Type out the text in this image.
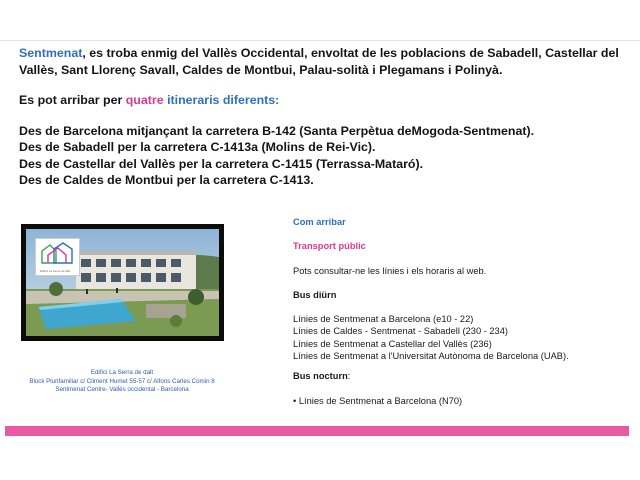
Sentmenat, es troba enmig del Vallès Occidental, envoltat de les poblacions de Sabadell, Castellar del Vallès, Sant Llorenç Savall, Caldes de Montbui, Palau-solità i Plegamans i Polinyà.

Es pot arribar per quatre itineraris diferents:

Des de Barcelona mitjançant la carretera B-142 (Santa Perpètua deMogoda-Sentmenat).

Des de Sabadell per la carretera C-1413a (Molins de Rei-Vic).

Des de Castellar del Vallès per la carretera C-1415 (Terrassa-Mataró).

Des de Caldes de Montbui per la carretera C-1413.

Edifici La Serra de dalt
Edifici La Serra de dalt
Block Plurifamiliar c/ Climent Humet 55-57 c/ Alfons Carles Comin 8
Sentmenat Centre- Vallès occidental - Barcelona
Com arribar
Transport públic
Pots consultar-ne les línies i els horaris al web.
Bus diürn
Línies de Sentmenat a Barcelona (e10 - 22)
Línies de Caldes - Sentmenat - Sabadell (230 - 234)
Línies de Sentmenat a Castellar del Vallès (236)
Línies de Sentmenat a l'Universitat Autònoma de Barcelona (UAB).
Bus nocturn:
• Línies de Sentmenat a Barcelona (N70)
